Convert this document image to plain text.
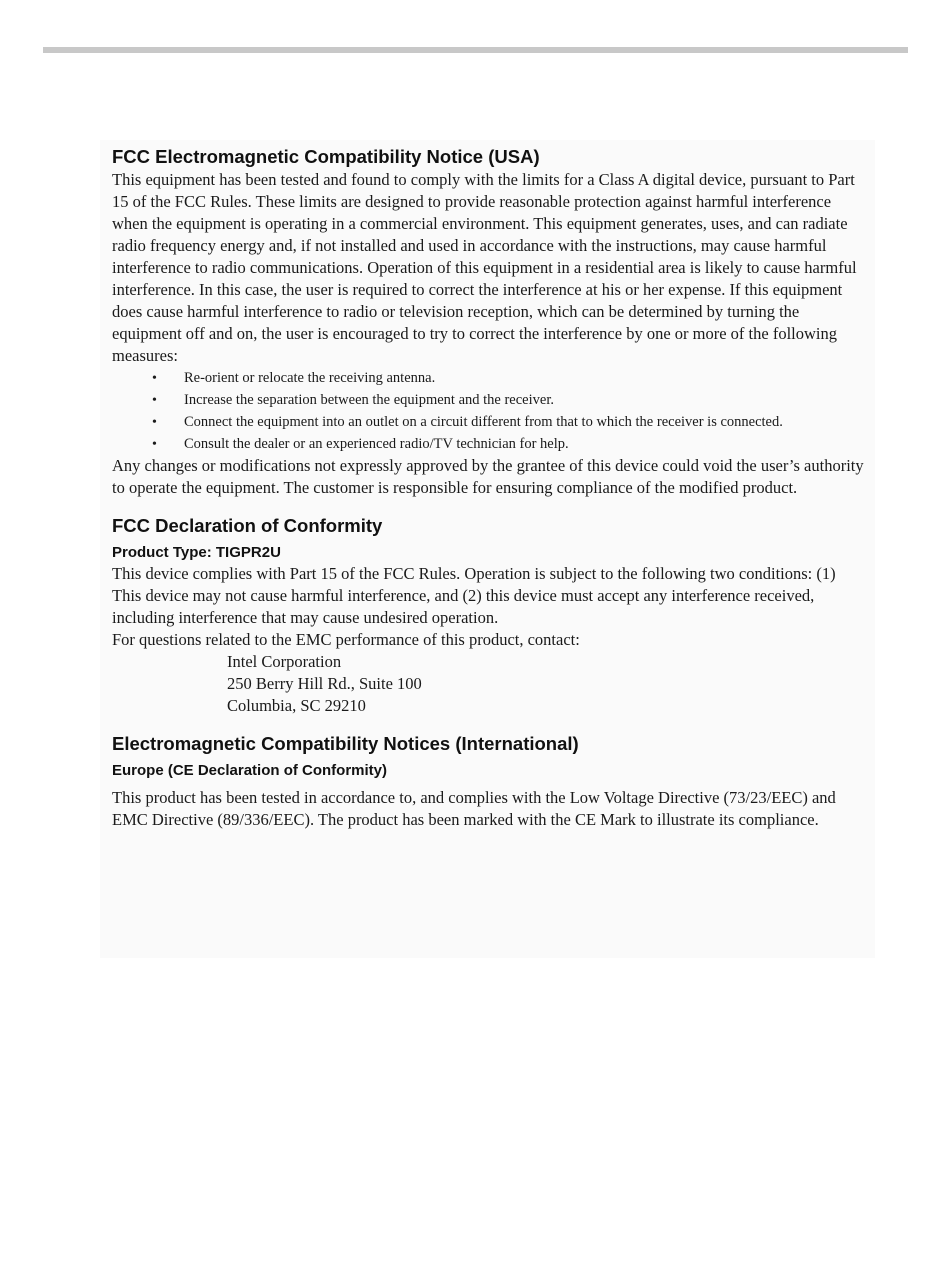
FCC Electromagnetic Compatibility Notice (USA)

This equipment has been tested and found to comply with the limits for a Class A digital device, pursuant to Part 15 of the FCC Rules. These limits are designed to provide reasonable protection against harmful interference when the equipment is operating in a commercial environment. This equipment generates, uses, and can radiate radio frequency energy and, if not installed and used in accordance with the instructions, may cause harmful interference to radio communications. Operation of this equipment in a residential area is likely to cause harmful interference. In this case, the user is required to correct the interference at his or her expense. If this equipment does cause harmful interference to radio or television reception, which can be determined by turning the equipment off and on, the user is encouraged to try to correct the interference by one or more of the following measures:

• Re-orient or relocate the receiving antenna.
• Increase the separation between the equipment and the receiver.
• Connect the equipment into an outlet on a circuit different from that to which the receiver is connected.
• Consult the dealer or an experienced radio/TV technician for help.

Any changes or modifications not expressly approved by the grantee of this device could void the user’s authority to operate the equipment. The customer is responsible for ensuring compliance of the modified product.

FCC Declaration of Conformity
Product Type: TIGPR2U

This device complies with Part 15 of the FCC Rules. Operation is subject to the following two conditions: (1) This device may not cause harmful interference, and (2) this device must accept any interference received, including interference that may cause undesired operation.

For questions related to the EMC performance of this product, contact:

Intel Corporation
250 Berry Hill Rd., Suite 100
Columbia, SC 29210
Electromagnetic Compatibility Notices (International)
Europe (CE Declaration of Conformity)

This product has been tested in accordance to, and complies with the Low Voltage Directive (73/23/EEC) and EMC Directive (89/336/EEC). The product has been marked with the CE Mark to illustrate its compliance.
